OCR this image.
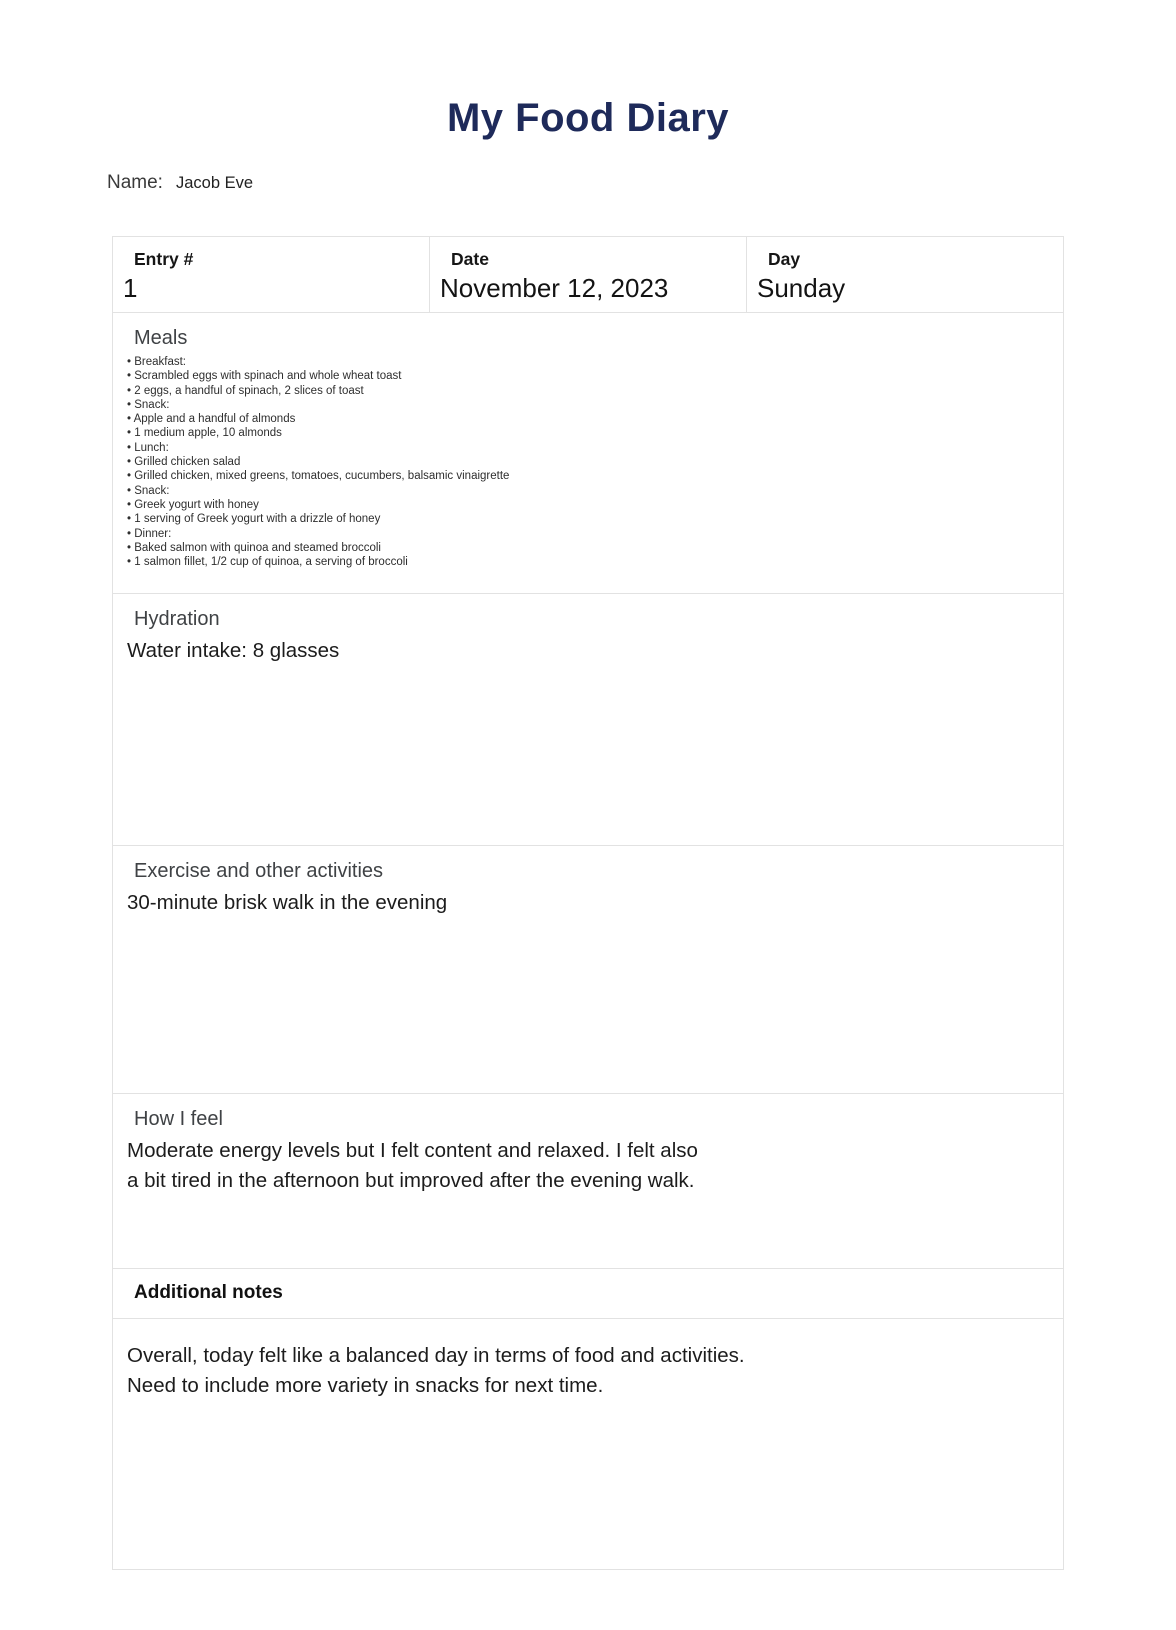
My Food Diary
Name: Jacob Eve
Entry #
1

Date
November 12, 2023

Day
Sunday

Meals
• Breakfast:
• Scrambled eggs with spinach and whole wheat toast
• 2 eggs, a handful of spinach, 2 slices of toast
• Snack:
• Apple and a handful of almonds
• 1 medium apple, 10 almonds
• Lunch:
• Grilled chicken salad
• Grilled chicken, mixed greens, tomatoes, cucumbers, balsamic vinaigrette
• Snack:
• Greek yogurt with honey
• 1 serving of Greek yogurt with a drizzle of honey
• Dinner:
• Baked salmon with quinoa and steamed broccoli
• 1 salmon fillet, 1/2 cup of quinoa, a serving of broccoli

Hydration
Water intake: 8 glasses

Exercise and other activities
30-minute brisk walk in the evening

How I feel
Moderate energy levels but I felt content and relaxed. I felt also
a bit tired in the afternoon but improved after the evening walk.

Additional notes

Overall, today felt like a balanced day in terms of food and activities.
Need to include more variety in snacks for next time.
